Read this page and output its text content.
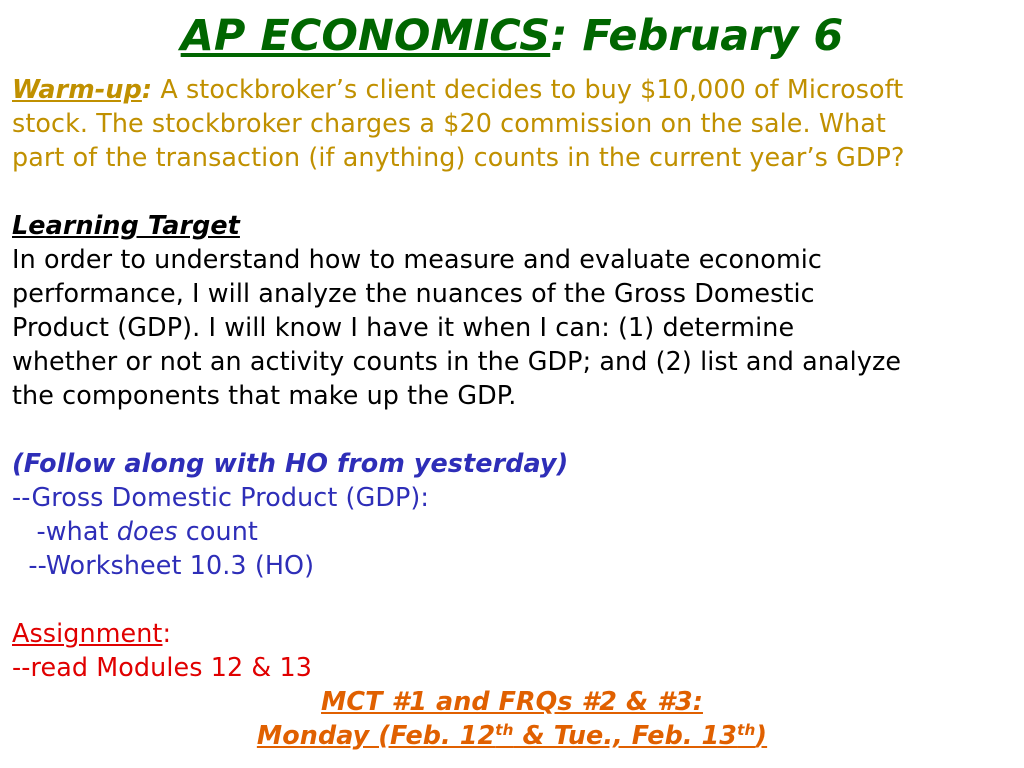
AP ECONOMICS: February 6
Warm-up: A stockbroker’s client decides to buy $10,000 of Microsoft
stock. The stockbroker charges a $20 commission on the sale. What
part of the transaction (if anything) counts in the current year’s GDP?
Learning Target
In order to understand how to measure and evaluate economic
performance, I will analyze the nuances of the Gross Domestic
Product (GDP). I will know I have it when I can: (1) determine
whether or not an activity counts in the GDP; and (2) list and analyze
the components that make up the GDP.
(Follow along with HO from yesterday)
--Gross Domestic Product (GDP):
-what does count
--Worksheet 10.3 (HO)
Assignment:
--read Modules 12 & 13
MCT #1 and FRQs #2 & #3:
Monday (Feb. 12th & Tue., Feb. 13th)
